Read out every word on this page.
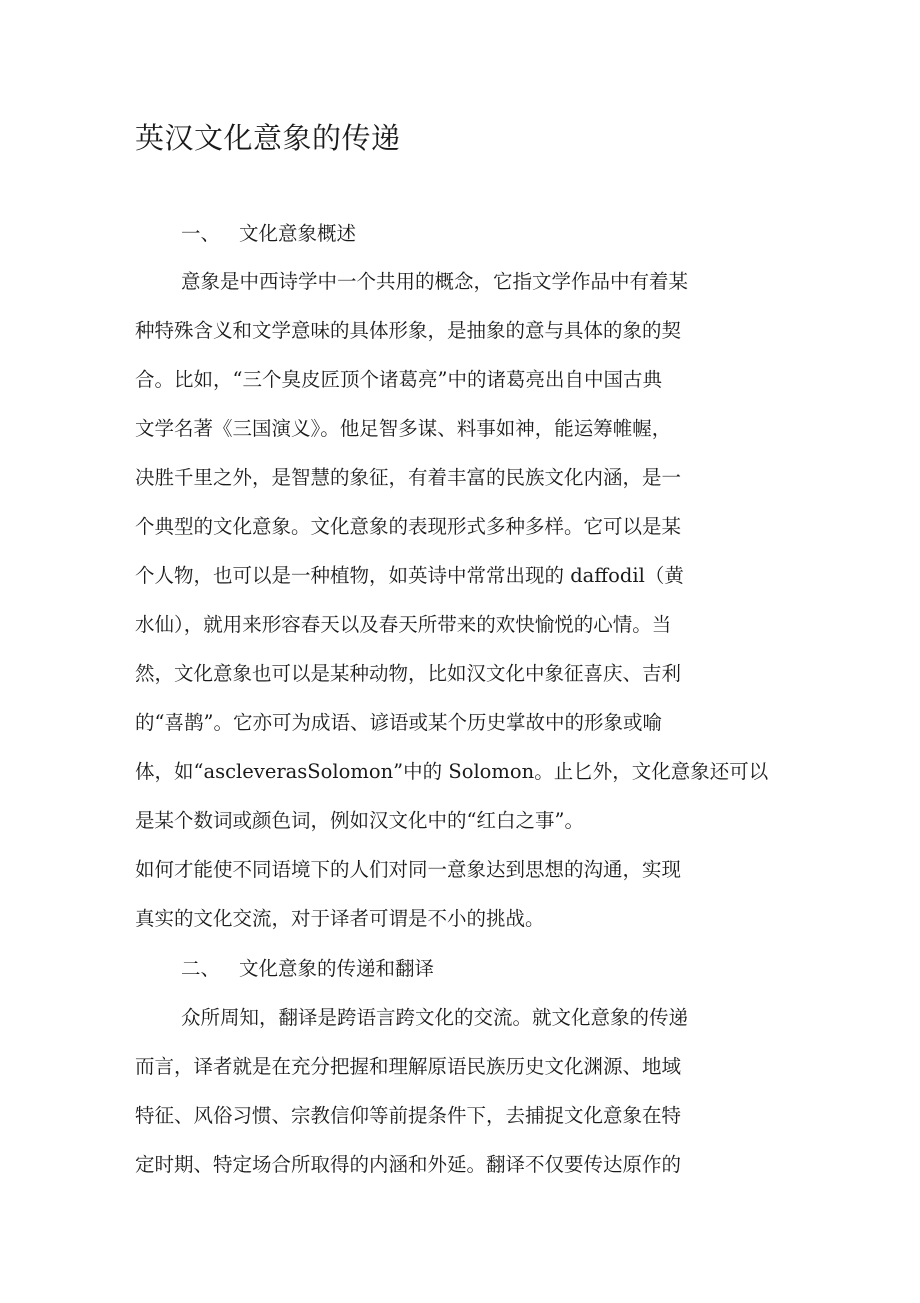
英汉文化意象的传递
一、 文化意象概述
意象是中西诗学中一个共用的概念，它指文学作品中有着某
种特殊含义和文学意味的具体形象，是抽象的意与具体的象的契
合。比如，“三个臭皮匠顶个诸葛亮”中的诸葛亮出自中国古典
文学名著《三国演义》。他足智多谋、料事如神，能运筹帷幄，
决胜千里之外，是智慧的象征，有着丰富的民族文化内涵，是一
个典型的文化意象。文化意象的表现形式多种多样。它可以是某
个人物，也可以是一种植物，如英诗中常常出现的 daffodil（黄
水仙），就用来形容春天以及春天所带来的欢快愉悦的心情。当
然，文化意象也可以是某种动物，比如汉文化中象征喜庆、吉利
的“喜鹊”。它亦可为成语、谚语或某个历史掌故中的形象或喻
体，如“ascleverasSolomon”中的 Solomon。止匕外，文化意象还可以
是某个数词或颜色词，例如汉文化中的“红白之事”。
如何才能使不同语境下的人们对同一意象达到思想的沟通，实现
真实的文化交流，对于译者可谓是不小的挑战。
二、 文化意象的传递和翻译
众所周知，翻译是跨语言跨文化的交流。就文化意象的传递
而言，译者就是在充分把握和理解原语民族历史文化渊源、地域
特征、风俗习惯、宗教信仰等前提条件下，去捕捉文化意象在特
定时期、特定场合所取得的内涵和外延。翻译不仅要传达原作的
